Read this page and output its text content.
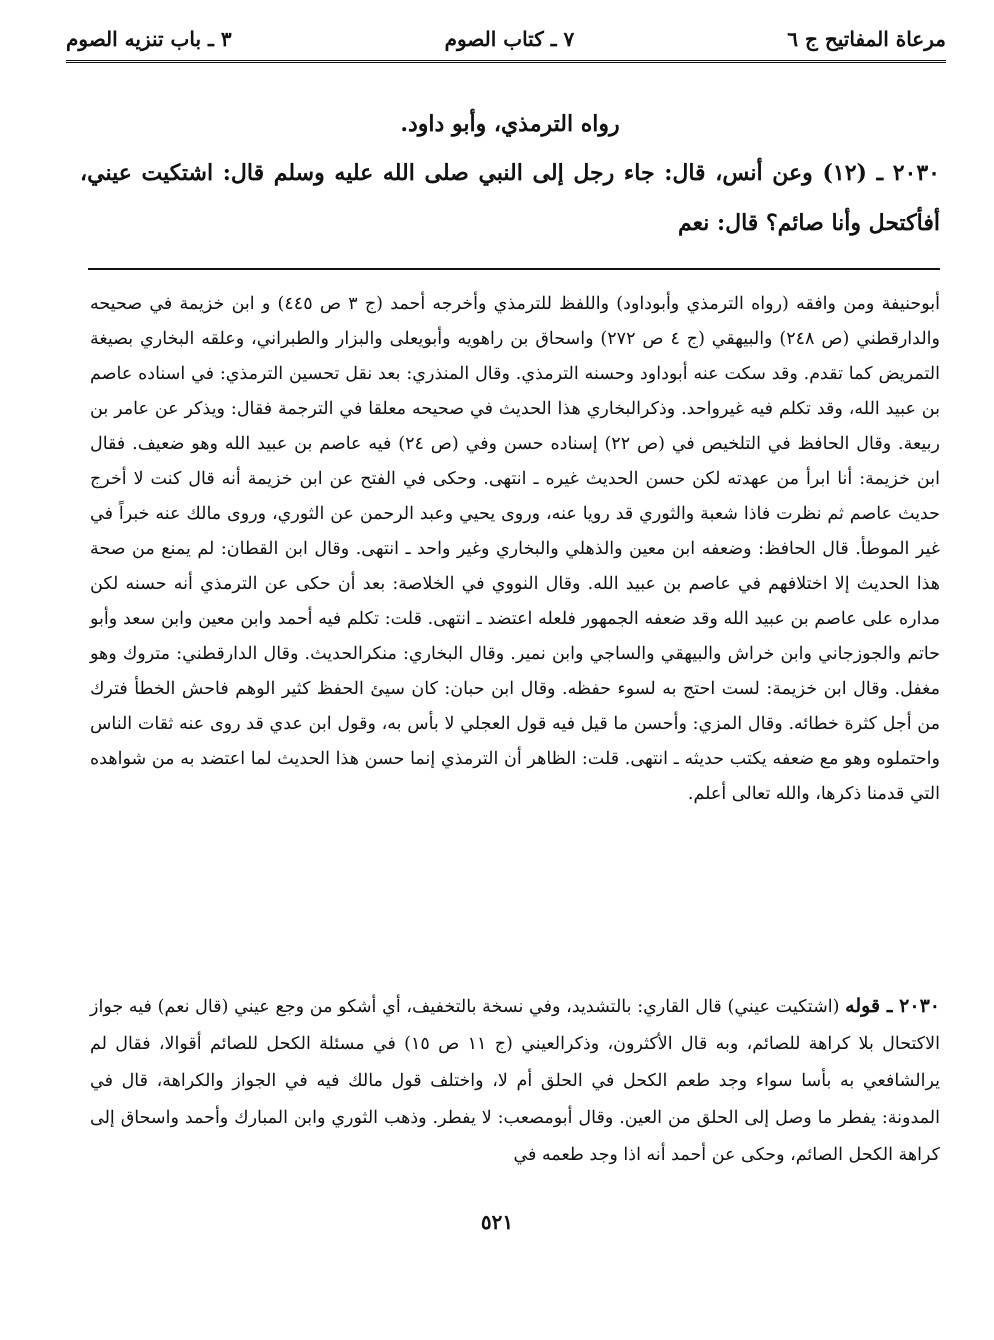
مرعاة المفاتيح ج ٦
٧ ـ كتاب الصوم
٣ ـ باب تنزيه الصوم

رواه الترمذي، وأبو داود.

٢٠٣٠ ـ (١٢) وعن أنس، قال: جاء رجل إلى النبي صلى الله عليه وسلم قال: اشتكيت عيني، أفأكتحل وأنا صائم؟ قال: نعم

أبوحنيفة ومن وافقه (رواه الترمذي وأبوداود) واللفظ للترمذي وأخرجه أحمد (ج ٣ ص ٤٤٥) و ابن خزيمة في صحيحه والدارقطني (ص ٢٤٨) والبيهقي (ج ٤ ص ٢٧٢) واسحاق بن راهويه وأبويعلى والبزار والطبراني، وعلقه البخاري بصيغة التمريض كما تقدم. وقد سكت عنه أبوداود وحسنه الترمذي. وقال المنذري: بعد نقل تحسين الترمذي: في اسناده عاصم بن عبيد الله، وقد تكلم فيه غيرواحد. وذكرالبخاري هذا الحديث في صحيحه معلقا في الترجمة فقال: ويذكر عن عامر بن ربيعة. وقال الحافظ في التلخيص في (ص ٢٢) إسناده حسن وفي (ص ٢٤) فيه عاصم بن عبيد الله وهو ضعيف. فقال ابن خزيمة: أنا ابرأ من عهدته لكن حسن الحديث غيره ـ انتهى. وحكى في الفتح عن ابن خزيمة أنه قال كنت لا أخرج حديث عاصم ثم نظرت فاذا شعبة والثوري قد رويا عنه، وروى يحيي وعبد الرحمن عن الثوري، وروى مالك عنه خبراً في غير الموطأ. قال الحافظ: وضعفه ابن معين والذهلي والبخاري وغير واحد ـ انتهى. وقال ابن القطان: لم يمنع من صحة هذا الحديث إلا اختلافهم في عاصم بن عبيد الله. وقال النووي في الخلاصة: بعد أن حكى عن الترمذي أنه حسنه لكن مداره على عاصم بن عبيد الله وقد ضعفه الجمهور فلعله اعتضد ـ انتهى. قلت: تكلم فيه أحمد وابن معين وابن سعد وأبو حاتم والجوزجاني وابن خراش والبيهقي والساجي وابن نمير. وقال البخاري: منكرالحديث. وقال الدارقطني: متروك وهو مغفل. وقال ابن خزيمة: لست احتج به لسوء حفظه. وقال ابن حبان: كان سيئ الحفظ كثير الوهم فاحش الخطأ فترك من أجل كثرة خطائه. وقال المزي: وأحسن ما قيل فيه قول العجلي لا بأس به، وقول ابن عدي قد روى عنه ثقات الناس واحتملوه وهو مع ضعفه يكتب حديثه ـ انتهى. قلت: الظاهر أن الترمذي إنما حسن هذا الحديث لما اعتضد به من شواهده التي قدمنا ذكرها، والله تعالى أعلم.

٢٠٣٠ ـ قوله (اشتكيت عيني) قال القاري: بالتشديد، وفي نسخة بالتخفيف، أي أشكو من وجع عيني (قال نعم) فيه جواز الاكتحال بلا كراهة للصائم، وبه قال الأكثرون، وذكرالعيني (ج ١١ ص ١٥) في مسئلة الكحل للصائم أقوالا، فقال لم يرالشافعي به بأسا سواء وجد طعم الكحل في الحلق أم لا، واختلف قول مالك فيه في الجواز والكراهة، قال في المدونة: يفطر ما وصل إلى الحلق من العين. وقال أبومصعب: لا يفطر. وذهب الثوري وابن المبارك وأحمد واسحاق إلى كراهة الكحل الصائم، وحكى عن أحمد أنه اذا وجد طعمه في

٥٢١
